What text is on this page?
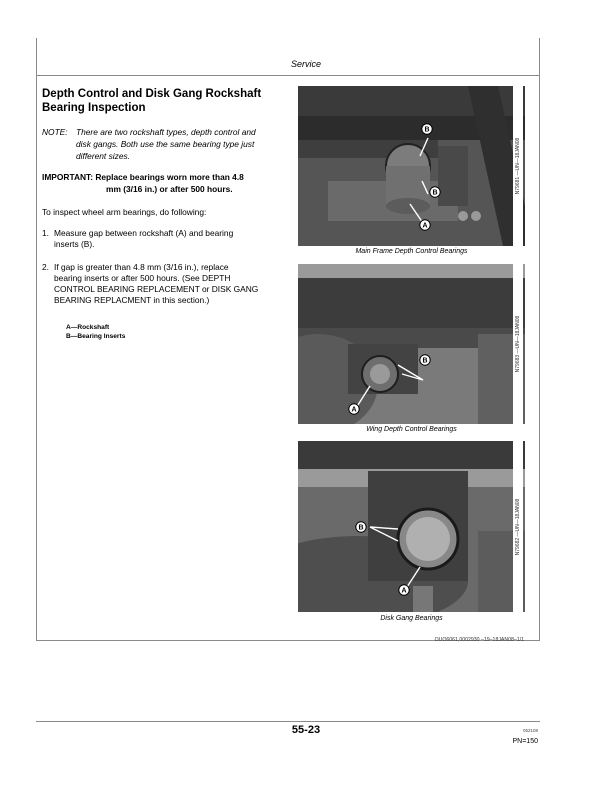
Service
Depth Control and Disk Gang Rockshaft Bearing Inspection
NOTE: There are two rockshaft types, depth control and
disk gangs. Both use the same bearing type just
different sizes.
IMPORTANT: Replace bearings worn more than 4.8
mm (3/16 in.) or after 500 hours.
To inspect wheel arm bearings, do following:
1. Measure gap between rockshaft (A) and bearing
inserts (B).
2. If gap is greater than 4.8 mm (3/16 in.), replace
bearing inserts or after 500 hours. (See DEPTH
CONTROL BEARING REPLACEMENT or DISK GANG
BEARING REPLACMENT in this section.)
A—Rockshaft
B—Bearing Inserts
B
B
A
N79681 —UN—18JAN08
Main Frame Depth Control Bearings
B
A
N79683 —UN—18JAN08
Wing Depth Control Bearings
B
A
N79682 —UN—18JAN08
Disk Gang Bearings
OUO6061,0002930 –19–18JAN08–1/1
55-23	052108
PN=150
